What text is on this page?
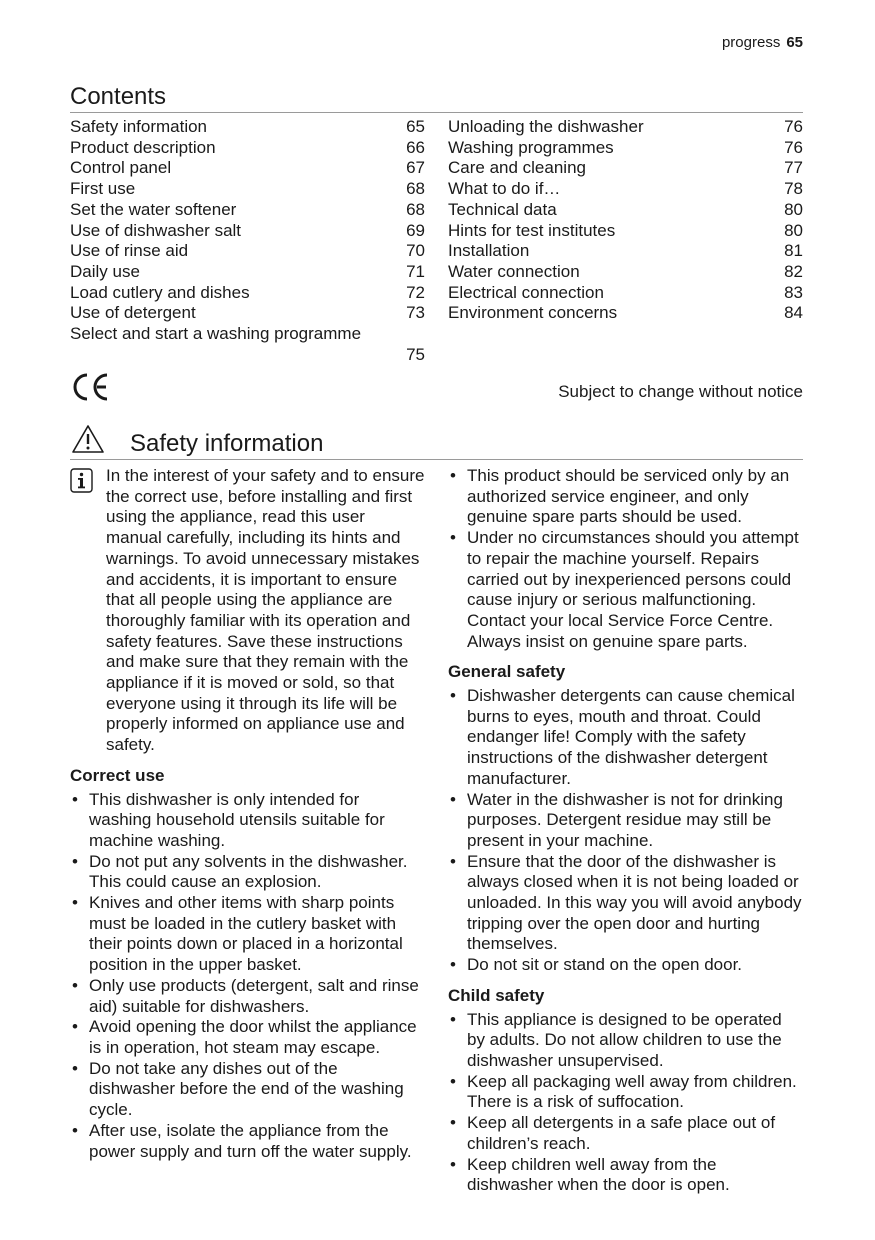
progress 65
Contents
Safety information	65
Product description	66
Control panel	67
First use	68
Set the water softener	68
Use of dishwasher salt	69
Use of rinse aid	70
Daily use	71
Load cutlery and dishes	72
Use of detergent	73
Select and start a washing programme
75
Unloading the dishwasher	76
Washing programmes	76
Care and cleaning	77
What to do if…	78
Technical data	80
Hints for test institutes	80
Installation	81
Water connection	82
Electrical connection	83
Environment concerns	84
Subject to change without notice
Safety information
In the interest of your safety and to ensure the correct use, before installing and first using the appliance, read this user manual carefully, including its hints and warnings. To avoid unnecessary mistakes and accidents, it is important to ensure that all people using the appliance are thoroughly familiar with its operation and safety features. Save these instructions and make sure that they remain with the appliance if it is moved or sold, so that everyone using it through its life will be properly informed on appliance use and safety.
Correct use
• This dishwasher is only intended for washing household utensils suitable for machine washing.
• Do not put any solvents in the dishwasher. This could cause an explosion.
• Knives and other items with sharp points must be loaded in the cutlery basket with their points down or placed in a horizontal position in the upper basket.
• Only use products (detergent, salt and rinse aid) suitable for dishwashers.
• Avoid opening the door whilst the appliance is in operation, hot steam may escape.
• Do not take any dishes out of the dishwasher before the end of the washing cycle.
• After use, isolate the appliance from the power supply and turn off the water supply.
• This product should be serviced only by an authorized service engineer, and only genuine spare parts should be used.
• Under no circumstances should you attempt to repair the machine yourself. Repairs carried out by inexperienced persons could cause injury or serious malfunctioning. Contact your local Service Force Centre. Always insist on genuine spare parts.
General safety
• Dishwasher detergents can cause chemical burns to eyes, mouth and throat. Could endanger life! Comply with the safety instructions of the dishwasher detergent manufacturer.
• Water in the dishwasher is not for drinking purposes. Detergent residue may still be present in your machine.
• Ensure that the door of the dishwasher is always closed when it is not being loaded or unloaded. In this way you will avoid anybody tripping over the open door and hurting themselves.
• Do not sit or stand on the open door.
Child safety
• This appliance is designed to be operated by adults. Do not allow children to use the dishwasher unsupervised.
• Keep all packaging well away from children. There is a risk of suffocation.
• Keep all detergents in a safe place out of children’s reach.
• Keep children well away from the dishwasher when the door is open.
